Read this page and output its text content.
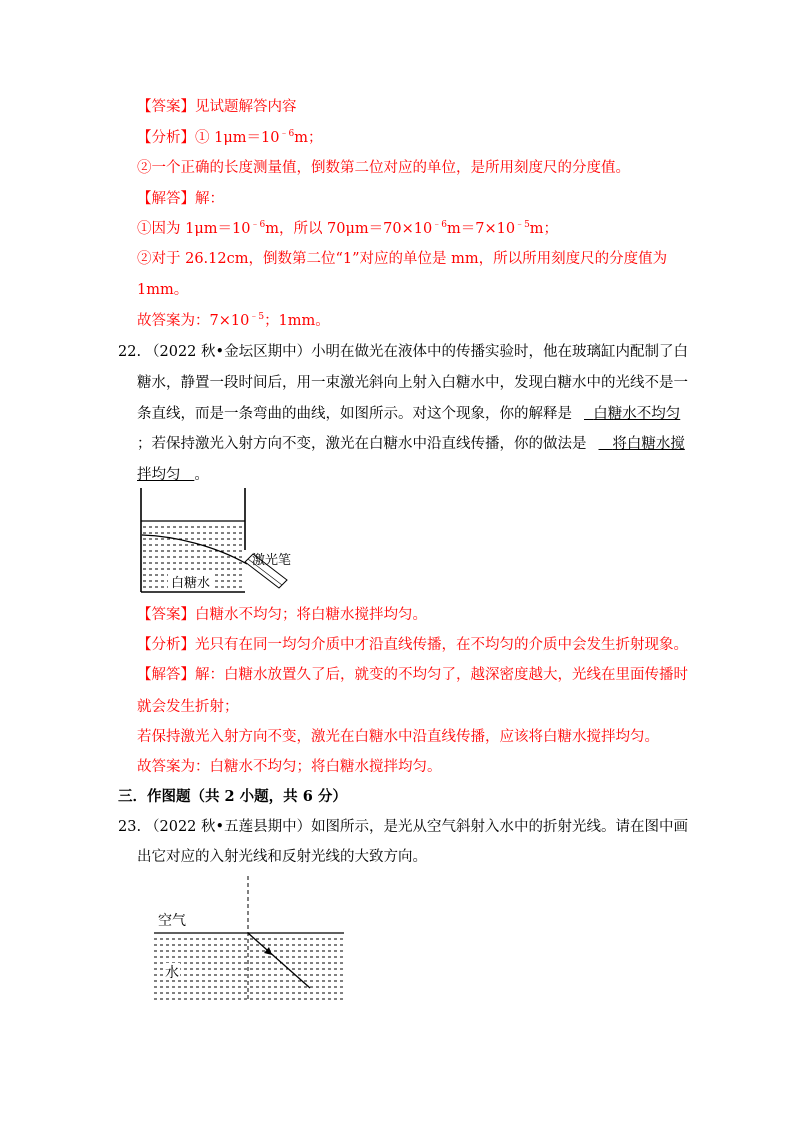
【答案】见试题解答内容
【分析】① $1\mu m=10^{﹣6}m$；
②一个正确的长度测量值，倒数第二位对应的单位，是所用刻度尺的分度值。
【解答】解：
①因为 $1\mu m=10^{﹣6}m$，所以 $70\mu m=70\times 10^{﹣6}m=7\times 10^{﹣5}m$；
②对于 26.12cm，倒数第二位“1”对应的单位是 mm，所以所用刻度尺的分度值为
1mm。
故答案为：$7\times 10^{﹣5}$；1mm。
22. （2022 秋•金坛区期中）小明在做光在液体中的传播实验时，他在玻璃缸内配制了白
糖水，静置一段时间后，用一束激光斜向上射入白糖水中，发现白糖水中的光线不是一
条直线，而是一条弯曲的曲线，如图所示。对这个现象，你的解释是 白糖水不均匀
；若保持激光入射方向不变，激光在白糖水中沿直线传播，你的做法是 将白糖水搅
拌均匀 。
白糖水
激光笔
【答案】白糖水不均匀；将白糖水搅拌均匀。
【分析】光只有在同一均匀介质中才沿直线传播，在不均匀的介质中会发生折射现象。
【解答】解：白糖水放置久了后，就变的不均匀了，越深密度越大，光线在里面传播时
就会发生折射；
若保持激光入射方向不变，激光在白糖水中沿直线传播，应该将白糖水搅拌均匀。
故答案为：白糖水不均匀；将白糖水搅拌均匀。
三．作图题（共 2 小题，共 6 分）
23. （2022 秋•五莲县期中）如图所示，是光从空气斜射入水中的折射光线。请在图中画
出它对应的入射光线和反射光线的大致方向。
空气
水
